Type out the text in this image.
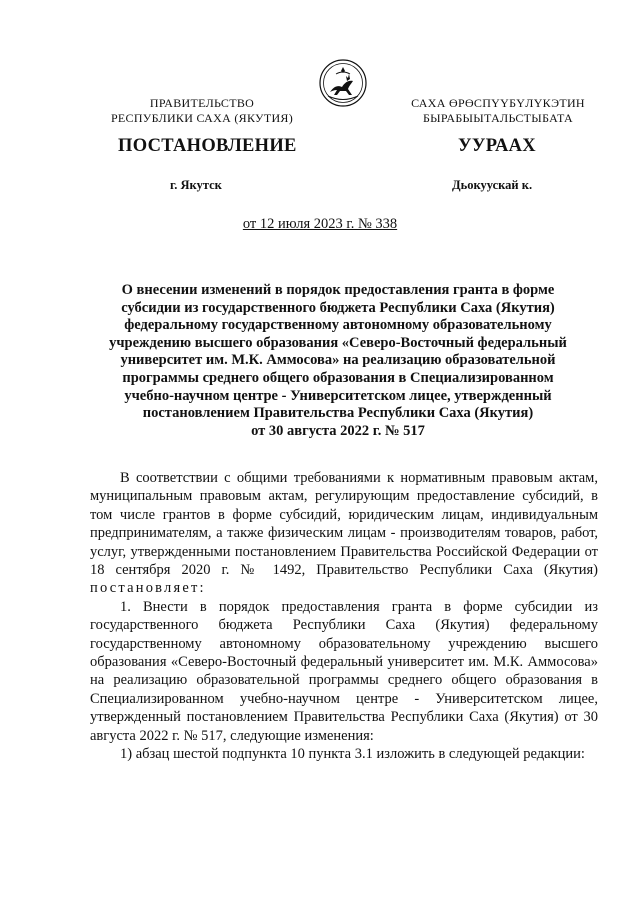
ПРАВИТЕЛЬСТВО
РЕСПУБЛИКИ САХА (ЯКУТИЯ)
САХА ӨРӨСПҮҮБҮЛҮКЭТИН
БЫРАБЫЫТАЛЬСТЫБАТА
ПОСТАНОВЛЕНИЕ	УУРААХ
г. Якутск	Дьокуускай к.
от 12 июля 2023 г. № 338
О внесении изменений в порядок предоставления гранта в форме
субсидии из государственного бюджета Республики Саха (Якутия)
федеральному государственному автономному образовательному
учреждению высшего образования «Северо-Восточный федеральный
университет им. М.К. Аммосова» на реализацию образовательной
программы среднего общего образования в Специализированном
учебно-научном центре - Университетском лицее, утвержденный
постановлением Правительства Республики Саха (Якутия)
от 30 августа 2022 г. № 517

В соответствии с общими требованиями к нормативным правовым актам, муниципальным правовым актам, регулирующим предоставление субсидий, в том числе грантов в форме субсидий, юридическим лицам, индивидуальным предпринимателям, а также физическим лицам - производителям товаров, работ, услуг, утвержденными постановлением Правительства Российской Федерации от 18 сентября 2020 г. № 1492, Правительство Республики Саха (Якутия) постановляет:

1. Внести в порядок предоставления гранта в форме субсидии из государственного бюджета Республики Саха (Якутия) федеральному государственному автономному образовательному учреждению высшего образования «Северо-Восточный федеральный университет им. М.К. Аммосова» на реализацию образовательной программы среднего общего образования в Специализированном учебно-научном центре - Университетском лицее, утвержденный постановлением Правительства Республики Саха (Якутия) от 30 августа 2022 г. № 517, следующие изменения:

1) абзац шестой подпункта 10 пункта 3.1 изложить в следующей редакции:
